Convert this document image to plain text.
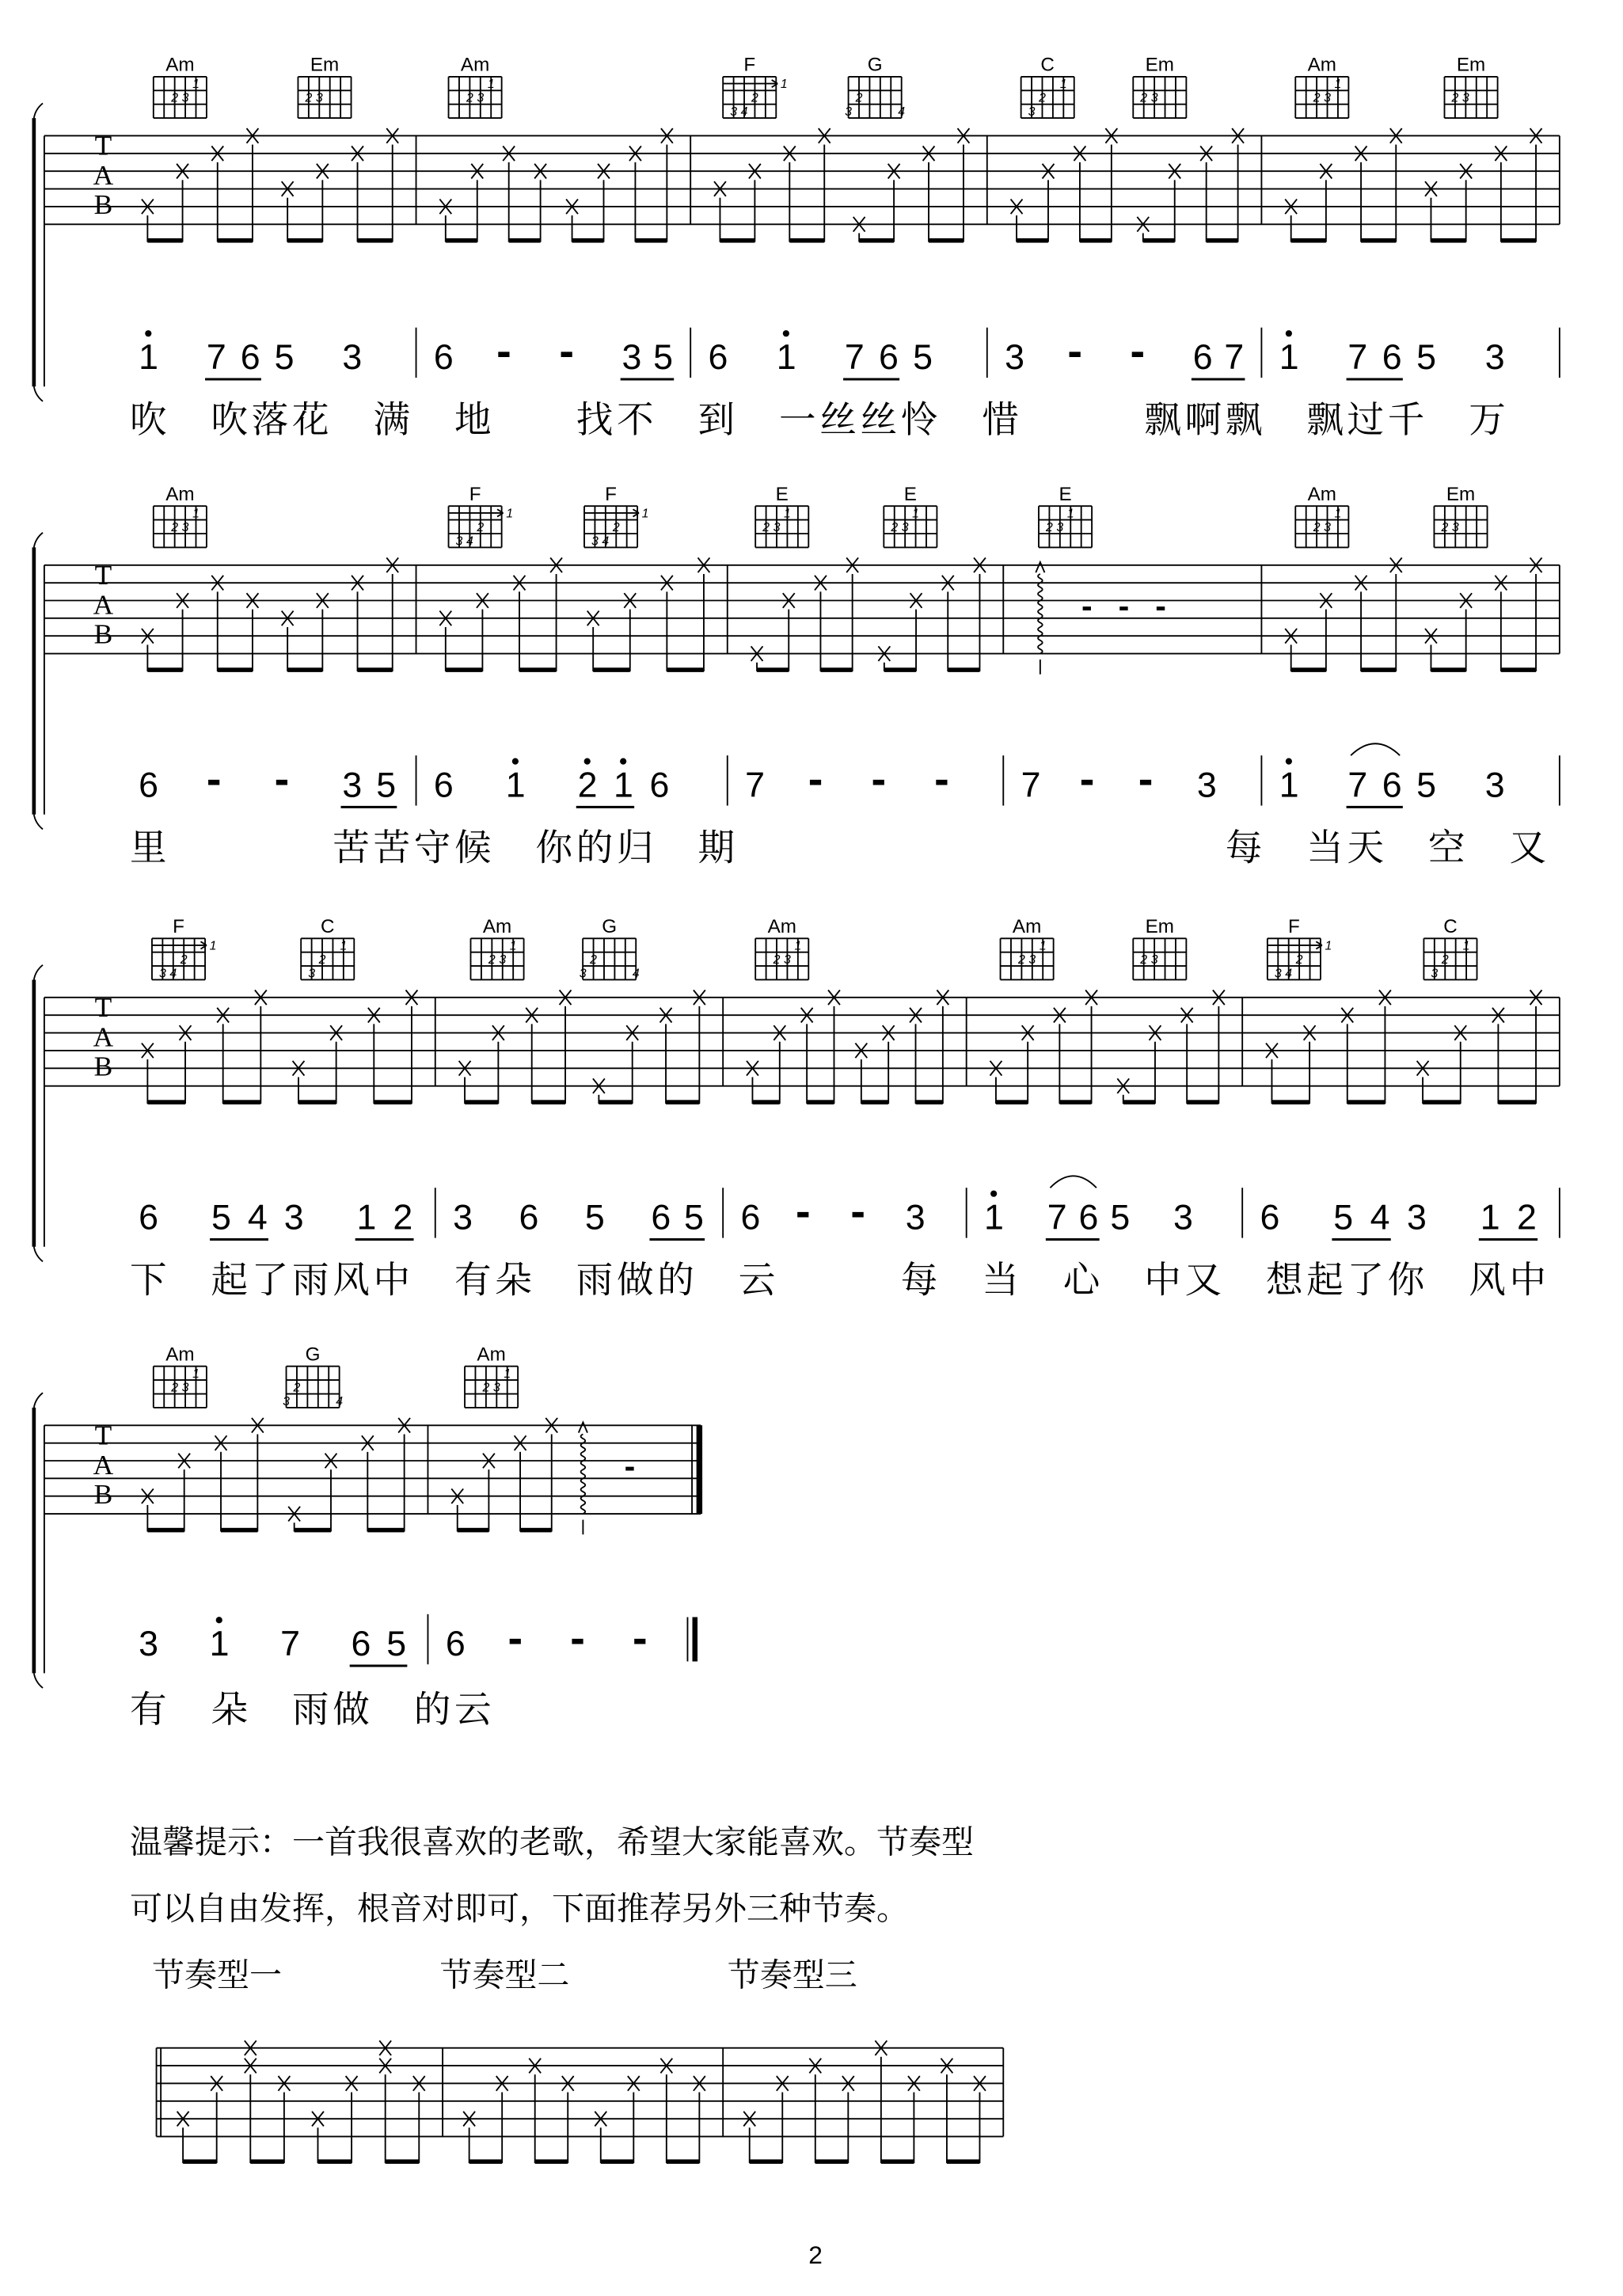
T
A
B
Am
1
2 3
Em
2 3
1	7 6 5	3
Am
1
2 3
6 - -	3 5
F
1
2
3 4
G
2
3	4
6	1	7 6 5
C
1
2
3
Em
2 3
3 - -	6 7
Am
1
2 3
Em
2 3
1	7 6 5	3
吹 吹 落 花 满 地	找 不 到 一 丝 丝 怜 惜	飘 啊 飘 飘 过 千 万
T
A
B
Am
1
2 3
6 - -	3 5
F
1
2
3 4
F
1
2
3 4
6	1	2 1 6
E
1
2 3
E
1
2 3
7 - - -
E
1
2 3
- - -
7 - - 3
Am
1
2 3
Em
2 3
1	7 6 5	3
里	苦 苦 守 候 你 的 归 期	每 当 天 空 又
T
A
B
F
1
2
3 4
C
1
2
3
6	5 4 3	1 2
Am
1
2 3
G
2
3	4
3 6 5 6 5
Am
1
2 3
6 - - 3
Am
1
2 3
Em
2 3
1 7 6 5 3
F
1
2
3 4
C
1
2
3
6	5 4 3	1 2
下 起 了 雨 风 中 有 朵 雨 做 的 云	每 当 心 中 又 想 起 了 你 风 中
T
A
B
Am
1
2 3
G
2
3	4
3	1	7	6 5
Am
1
2 3
-
6 - - -
有 朵 雨 做 的 云
温馨提示：一首我很喜欢的老歌，希望大家能喜欢。节奏型
可以自由发挥，根音对即可，下面推荐另外三种节奏。
节奏型一	节奏型二	节奏型三
2
